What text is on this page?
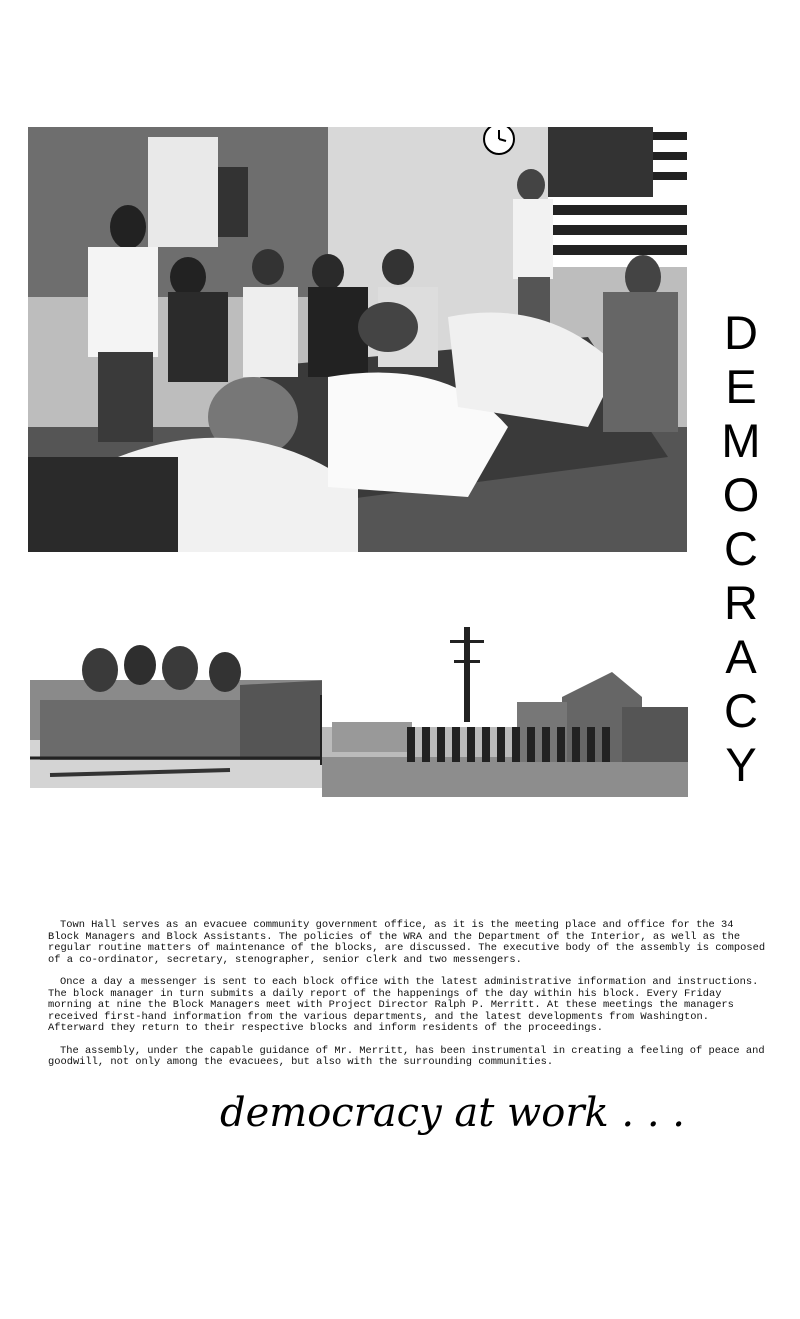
D
E
M
O
C
R
A
C
Y

Town Hall serves as an evacuee community government office, as it is the meeting place and office for the 34 Block Managers and Block Assistants. The policies of the WRA and the Department of the Interior, as well as the regular routine matters of maintenance of the blocks, are discussed. The executive body of the assembly is composed of a co-ordinator, secretary, stenographer, senior clerk and two messengers.

Once a day a messenger is sent to each block office with the latest administrative information and instructions. The block manager in turn submits a daily report of the happenings of the day within his block. Every Friday morning at nine the Block Managers meet with Project Director Ralph P. Merritt. At these meetings the managers received first-hand information from the various departments, and the latest developments from Washington. Afterward they return to their respective blocks and inform residents of the proceedings.

The assembly, under the capable guidance of Mr. Merritt, has been instrumental in creating a feeling of peace and goodwill, not only among the evacuees, but also with the surrounding communities.

democracy at work . . .
